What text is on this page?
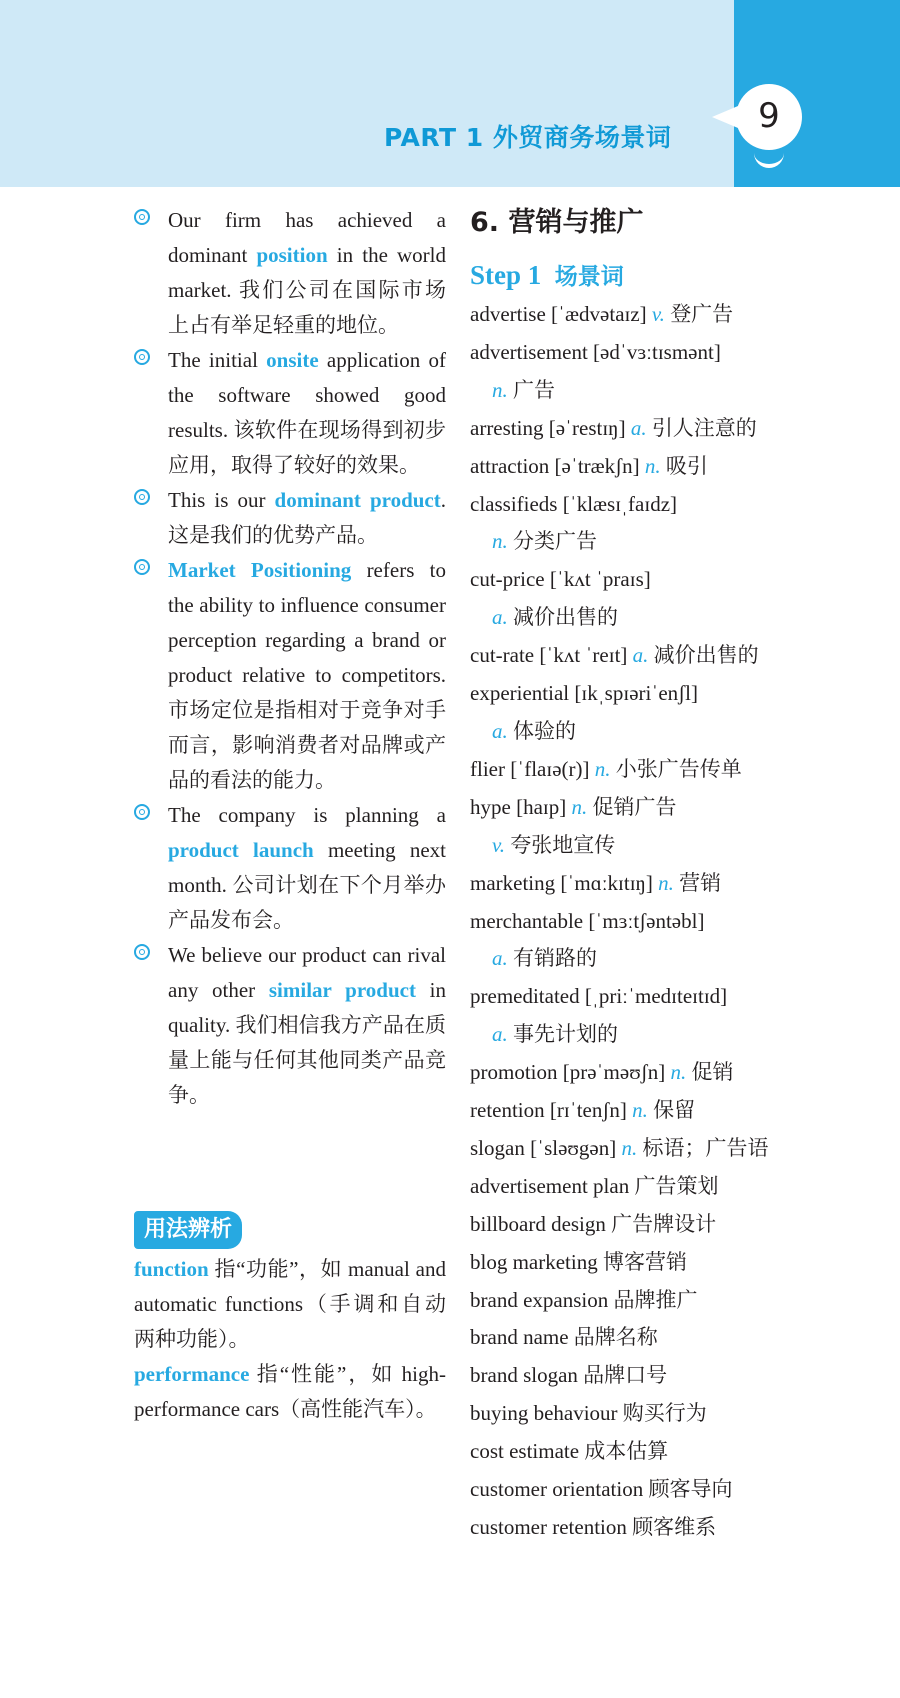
PART 1 外贸商务场景词
9
Our firm has achieved a dominant position in the world market. 我们公司在国际市场上占有举足轻重的地位。
The initial onsite application of the software showed good results. 该软件在现场得到初步应用，取得了较好的效果。
This is our dominant product. 这是我们的优势产品。
Market Positioning refers to the ability to influence consumer perception regarding a brand or product relative to competitors. 市场定位是指相对于竞争对手而言，影响消费者对品牌或产品的看法的能力。
The company is planning a product launch meeting next month. 公司计划在下个月举办产品发布会。
We believe our product can rival any other similar product in quality. 我们相信我方产品在质量上能与任何其他同类产品竞争。
用法辨析
function 指“功能”，如 manual and automatic functions（手调和自动两种功能）。
performance 指“性能”，如 high-performance cars（高性能汽车）。
6. 营销与推广
Step 1 场景词
advertise [ˈædvətaɪz] v. 登广告
advertisement [ədˈvɜːtɪsmənt]
n. 广告
arresting [əˈrestɪŋ] a. 引人注意的
attraction [əˈtrækʃn] n. 吸引
classifieds [ˈklæsɪˌfaɪdz]
n. 分类广告
cut-price [ˈkʌt ˈpraɪs]
a. 减价出售的
cut-rate [ˈkʌt ˈreɪt] a. 减价出售的
experiential [ɪkˌspɪəriˈenʃl]
a. 体验的
flier [ˈflaɪə(r)] n. 小张广告传单
hype [haɪp] n. 促销广告
v. 夸张地宣传
marketing [ˈmɑːkɪtɪŋ] n. 营销
merchantable [ˈmɜːtʃəntəbl]
a. 有销路的
premeditated [ˌpriːˈmedɪteɪtɪd]
a. 事先计划的
promotion [prəˈməʊʃn] n. 促销
retention [rɪˈtenʃn] n. 保留
slogan [ˈsləʊgən] n. 标语；广告语
advertisement plan 广告策划
billboard design 广告牌设计
blog marketing 博客营销
brand expansion 品牌推广
brand name 品牌名称
brand slogan 品牌口号
buying behaviour 购买行为
cost estimate 成本估算
customer orientation 顾客导向
customer retention 顾客维系
